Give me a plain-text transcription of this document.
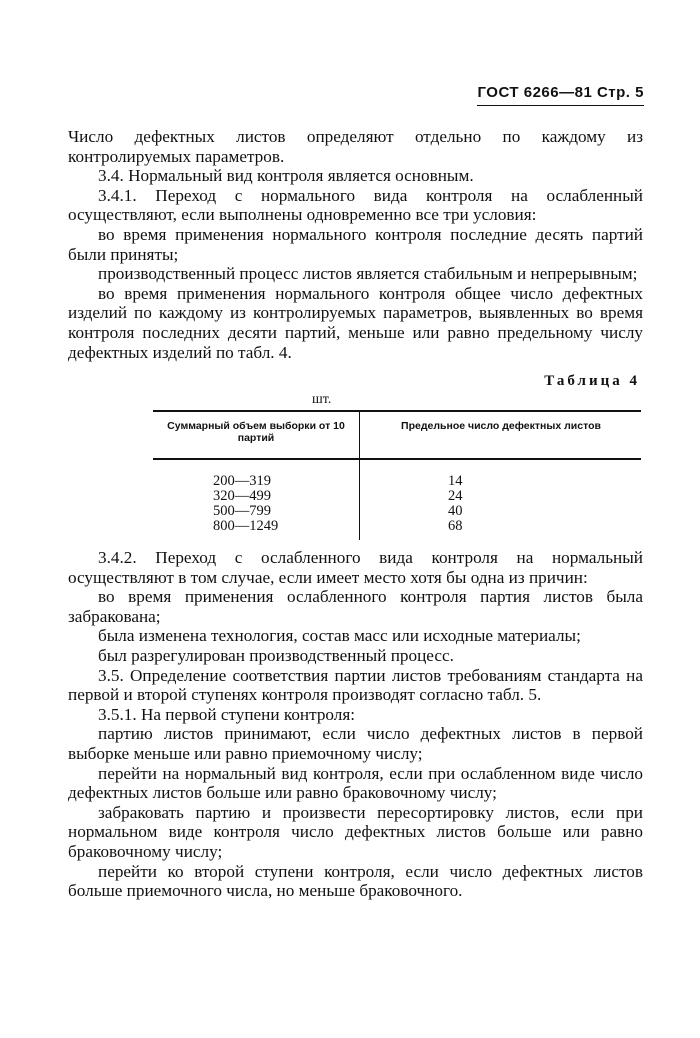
ГОСТ 6266—81 Стр. 5

Число дефектных листов определяют отдельно по каждому из контролируемых параметров.

3.4. Нормальный вид контроля является основным.

3.4.1. Переход с нормального вида контроля на ослабленный осуществляют, если выполнены одновременно все три условия:

во время применения нормального контроля последние десять партий были приняты;

производственный процесс листов является стабильным и непрерывным;

во время применения нормального контроля общее число дефектных изделий по каждому из контролируемых параметров, выявленных во время контроля последних десяти партий, меньше или равно предельному числу дефектных изделий по табл. 4.

Таблица 4
шт.
Суммарный объем выборки от 10 партий
Предельное число дефектных листов
200—319
320—499
500—799
800—1249
14
24
40
68

3.4.2. Переход с ослабленного вида контроля на нормальный осуществляют в том случае, если имеет место хотя бы одна из причин:

во время применения ослабленного контроля партия листов была забракована;

была изменена технология, состав масс или исходные материалы;

был разрегулирован производственный процесс.

3.5. Определение соответствия партии листов требованиям стандарта на первой и второй ступенях контроля производят согласно табл. 5.

3.5.1. На первой ступени контроля:

партию листов принимают, если число дефектных листов в первой выборке меньше или равно приемочному числу;

перейти на нормальный вид контроля, если при ослабленном виде число дефектных листов больше или равно браковочному числу;

забраковать партию и произвести пересортировку листов, если при нормальном виде контроля число дефектных листов больше или равно браковочному числу;

перейти ко второй ступени контроля, если число дефектных листов больше приемочного числа, но меньше браковочного.
